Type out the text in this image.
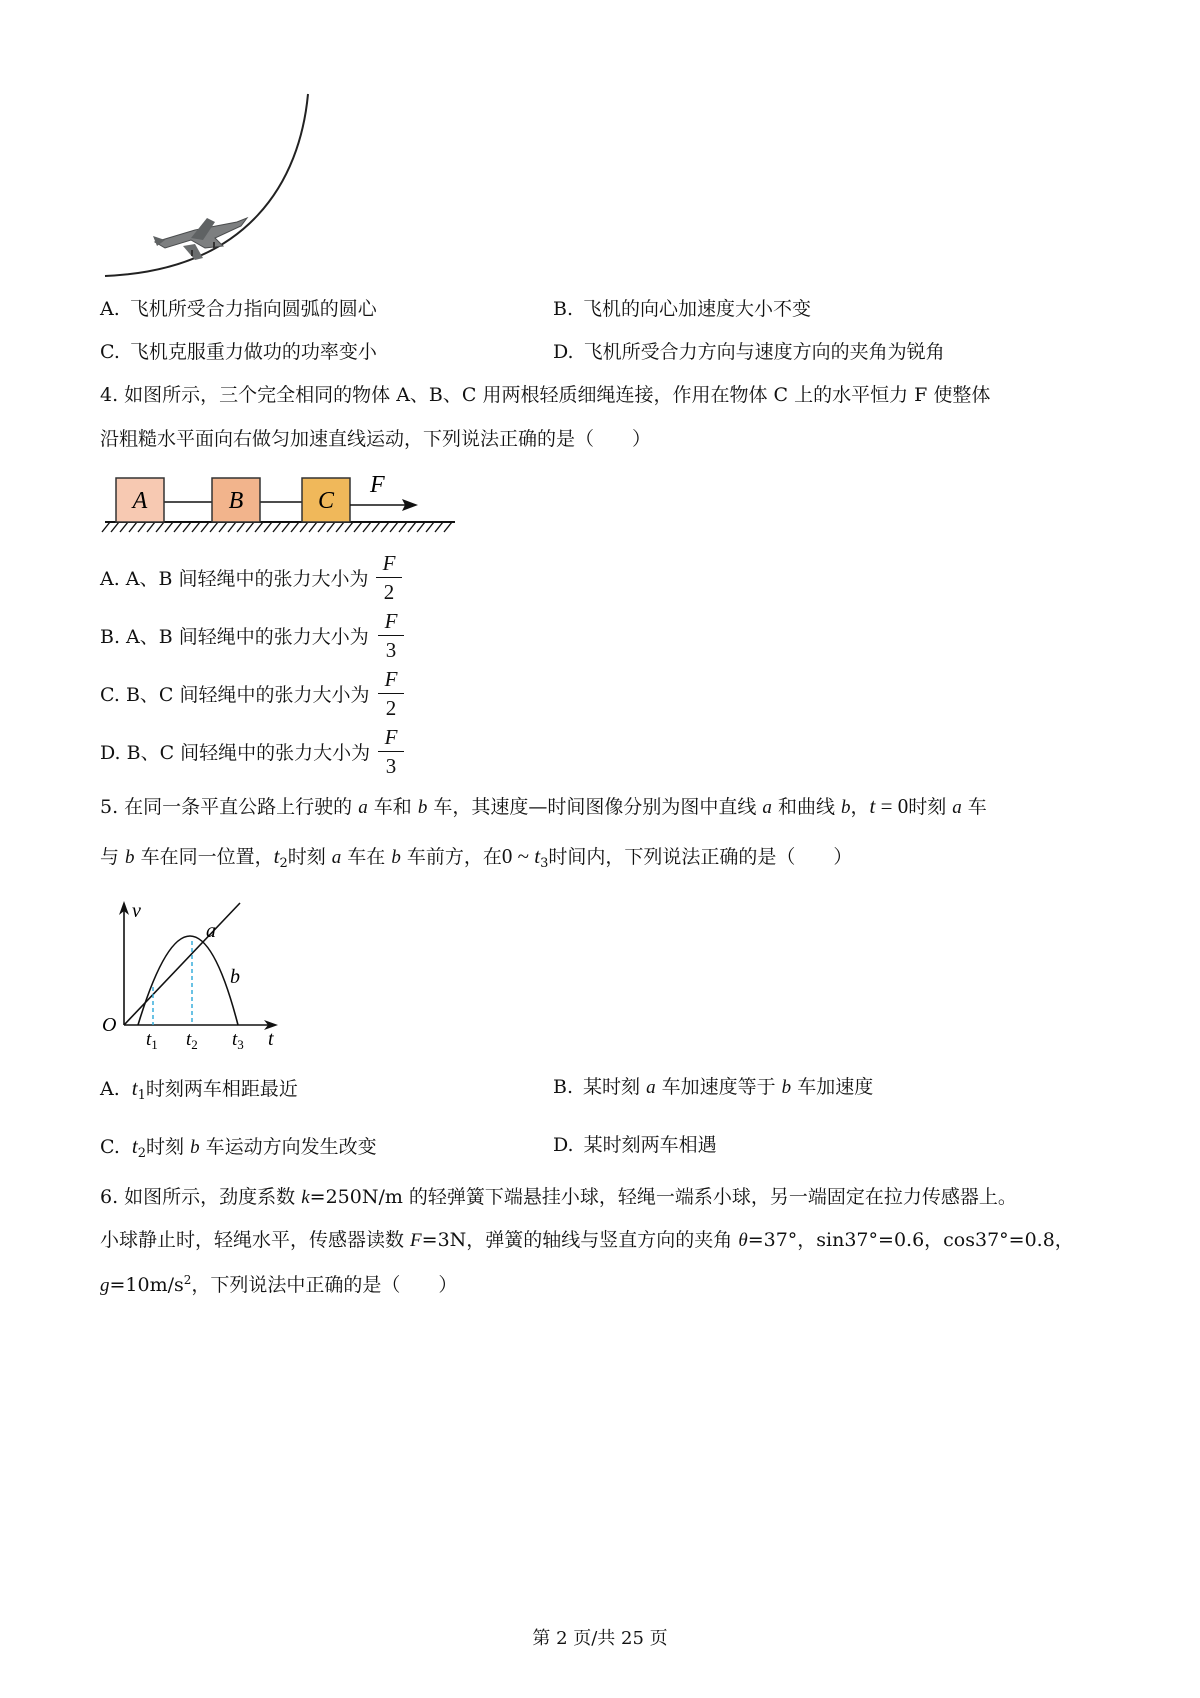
A. 飞机所受合力指向圆弧的圆心	B. 飞机的向心加速度大小不变
C. 飞机克服重力做功的功率变小	D. 飞机所受合力方向与速度方向的夹角为锐角
4. 如图所示，三个完全相同的物体 A、B、C 用两根轻质细绳连接，作用在物体 C 上的水平恒力 F 使整体
沿粗糙水平面向右做匀加速直线运动，下列说法正确的是（　　）
A	B	C
F
A. A、B 间轻绳中的张力大小为
F
2
B. A、B 间轻绳中的张力大小为
F
3
C. B、C 间轻绳中的张力大小为
F
2
D. B、C 间轻绳中的张力大小为
F
3
5. 在同一条平直公路上行驶的 a 车和 b 车，其速度—时间图像分别为图中直线 a 和曲线 b，t = 0时刻 a 车
与 b 车在同一位置，$t_2$时刻 a 车在 b 车前方，在0 ~ $t_3$时间内，下列说法正确的是（　　）
v
t
O
a
b
$t_1$ $t_2$ $t_3$
A. $t_1$时刻两车相距最近	B. 某时刻 a 车加速度等于 b 车加速度
C. $t_2$时刻 b 车运动方向发生改变	D. 某时刻两车相遇
6. 如图所示，劲度系数 k=250N/m 的轻弹簧下端悬挂小球，轻绳一端系小球，另一端固定在拉力传感器上。
小球静止时，轻绳水平，传感器读数 F=3N，弹簧的轴线与竖直方向的夹角 θ=37°，sin37°=0.6，cos37°=0.8，
$g=10m/s^2$，下列说法中正确的是（　　）
第 2 页/共 25 页
